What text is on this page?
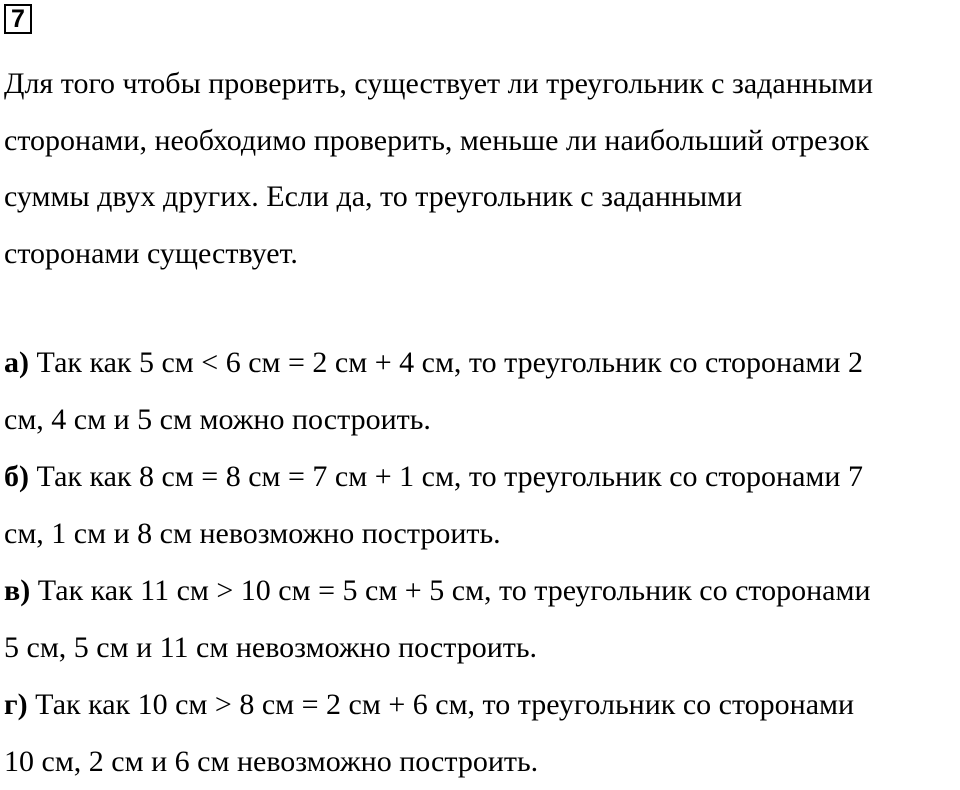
7

Для того чтобы проверить, существует ли треугольник с заданными
сторонами, необходимо проверить, меньше ли наибольший отрезок
суммы двух других. Если да, то треугольник с заданными
сторонами существует.

а) Так как 5 см < 6 см = 2 см + 4 см, то треугольник со сторонами 2
см, 4 см и 5 см можно построить.
б) Так как 8 см = 8 см = 7 см + 1 см, то треугольник со сторонами 7
см, 1 см и 8 см невозможно построить.
в) Так как 11 см > 10 см = 5 см + 5 см, то треугольник со сторонами
5 см, 5 см и 11 см невозможно построить.
г) Так как 10 см > 8 см = 2 см + 6 см, то треугольник со сторонами
10 см, 2 см и 6 см невозможно построить.
